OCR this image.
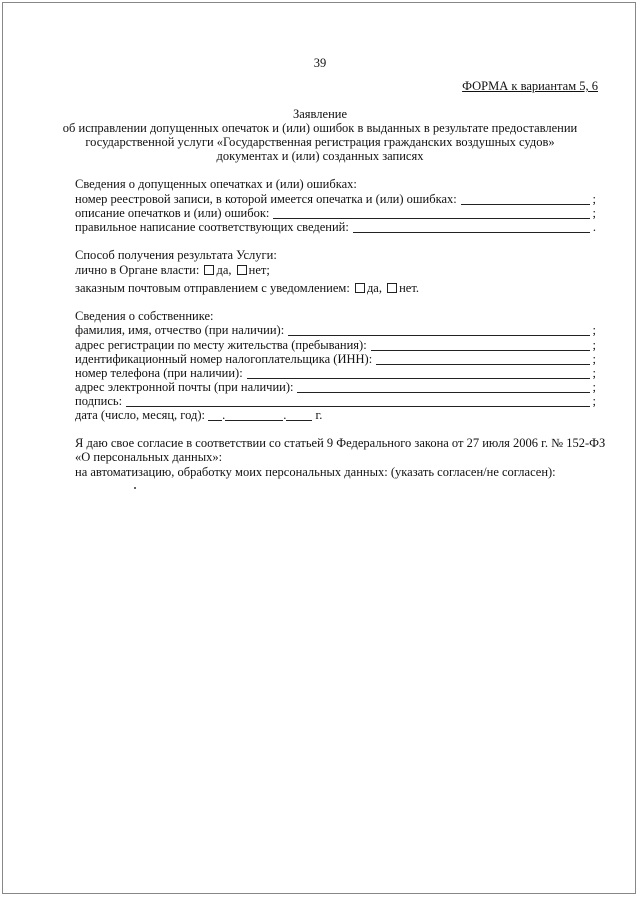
39
ФОРМА к вариантам 5, 6
Заявление
об исправлении допущенных опечаток и (или) ошибок в выданных в результате предоставлении
государственной услуги «Государственная регистрация гражданских воздушных судов»
документах и (или) созданных записях
Сведения о допущенных опечатках и (или) ошибках:
номер реестровой записи, в которой имеется опечатка и (или) ошибках:	;
описание опечатков и (или) ошибок:	;
правильное написание соответствующих сведений:	.
Способ получения результата Услуги:
лично в Органе власти: да, нет;
заказным почтовым отправлением с уведомлением: да, нет.
Сведения о собственнике:
фамилия, имя, отчество (при наличии):	;
адрес регистрации по месту жительства (пребывания):	;
идентификационный номер налогоплательщика (ИНН):	;
номер телефона (при наличии):	;
адрес электронной почты (при наличии):	;
подпись:	;
дата (число, месяц, год): .	. г.
Я даю свое согласие в соответствии со статьей 9 Федерального закона от 27 июля 2006 г. № 152-ФЗ
«О персональных данных»:
на автоматизацию, обработку моих персональных данных: (указать согласен/не согласен):
